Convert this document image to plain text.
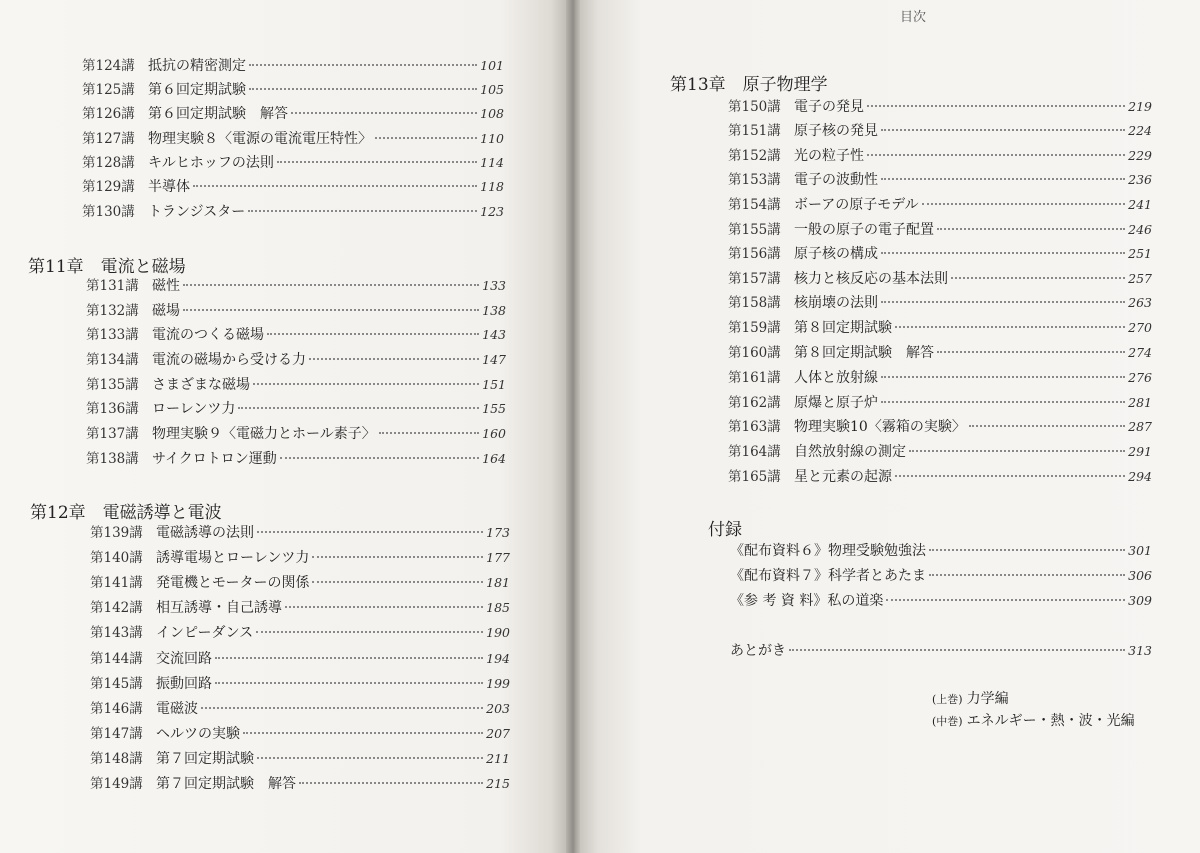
第124講 抵抗の精密測定	101
第125講 第６回定期試験	105
第126講 第６回定期試験　解答	108
第127講 物理実験８〈電源の電流電圧特性〉	110
第128講 キルヒホッフの法則	114
第129講 半導体	118
第130講 トランジスター	123
第11章　電流と磁場
第131講 磁性	133
第132講 磁場	138
第133講 電流のつくる磁場	143
第134講 電流の磁場から受ける力	147
第135講 さまざまな磁場	151
第136講 ローレンツ力	155
第137講 物理実験９〈電磁力とホール素子〉	160
第138講 サイクロトロン運動	164
第12章　電磁誘導と電波
第139講 電磁誘導の法則	173
第140講 誘導電場とローレンツ力	177
第141講 発電機とモーターの関係	181
第142講 相互誘導・自己誘導	185
第143講 インピーダンス	190
第144講 交流回路	194
第145講 振動回路	199
第146講 電磁波	203
第147講 ヘルツの実験	207
第148講 第７回定期試験	211
第149講 第７回定期試験　解答	215
目次
第13章　原子物理学
第150講 電子の発見	219
第151講 原子核の発見	224
第152講 光の粒子性	229
第153講 電子の波動性	236
第154講 ボーアの原子モデル	241
第155講 一般の原子の電子配置	246
第156講 原子核の構成	251
第157講 核力と核反応の基本法則	257
第158講 核崩壊の法則	263
第159講 第８回定期試験	270
第160講 第８回定期試験　解答	274
第161講 人体と放射線	276
第162講 原爆と原子炉	281
第163講 物理実験10〈霧箱の実験〉	287
第164講 自然放射線の測定	291
第165講 星と元素の起源	294
付録
《配布資料６》物理受験勉強法	301
《配布資料７》科学者とあたま	306
《参 考 資 料》私の道楽	309
あとがき	313
(上巻) 力学編
(中巻) エネルギー・熱・波・光編
